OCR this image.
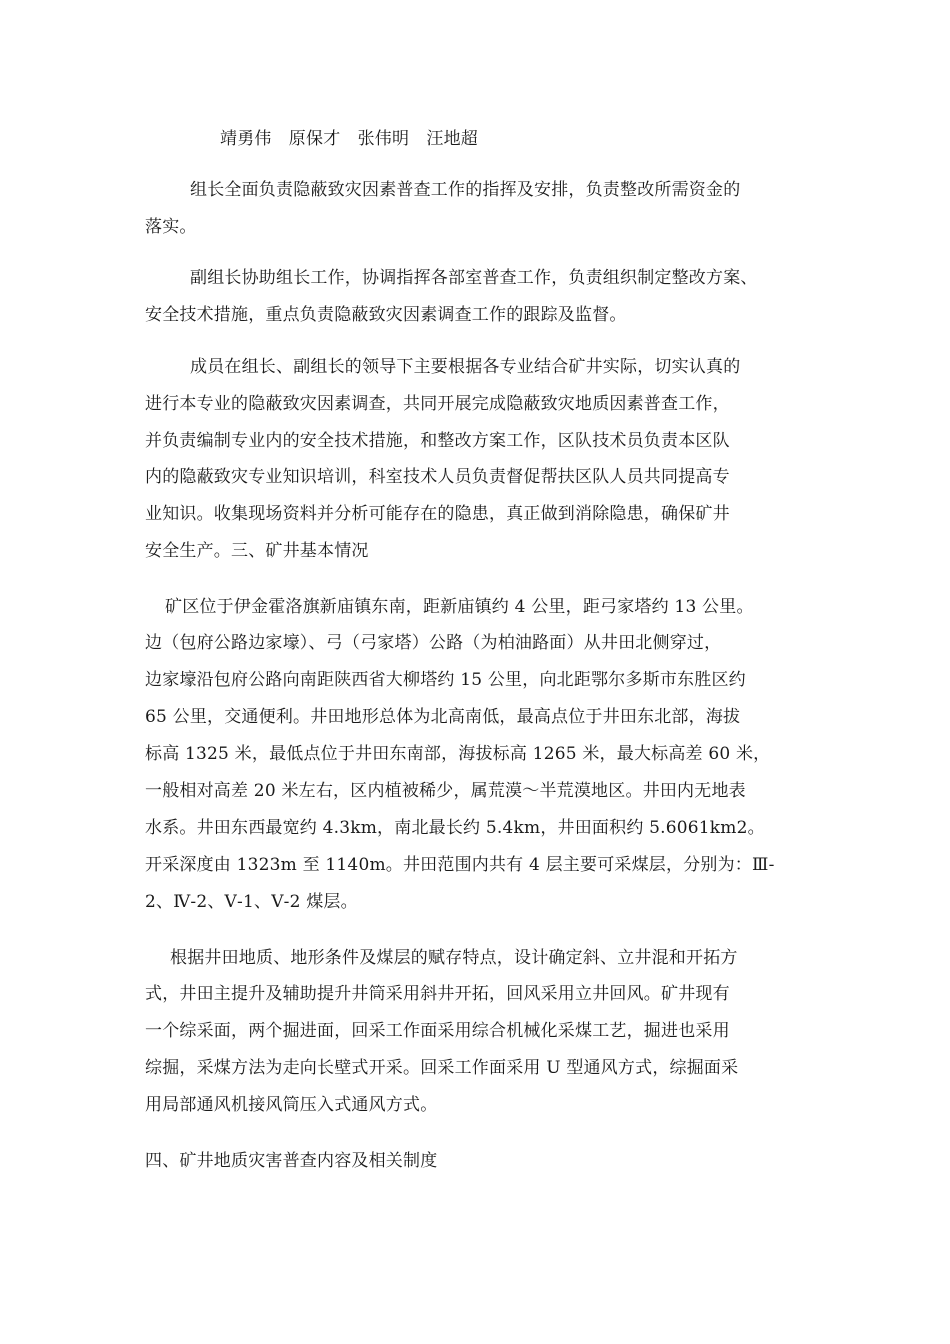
靖勇伟　原保才　张伟明　汪地超
组长全面负责隐蔽致灾因素普查工作的指挥及安排，负责整改所需资金的
落实。
副组长协助组长工作，协调指挥各部室普查工作，负责组织制定整改方案、
安全技术措施，重点负责隐蔽致灾因素调查工作的跟踪及监督。
成员在组长、副组长的领导下主要根据各专业结合矿井实际，切实认真的
进行本专业的隐蔽致灾因素调查，共同开展完成隐蔽致灾地质因素普查工作，
并负责编制专业内的安全技术措施，和整改方案工作，区队技术员负责本区队
内的隐蔽致灾专业知识培训，科室技术人员负责督促帮扶区队人员共同提高专
业知识。收集现场资料并分析可能存在的隐患，真正做到消除隐患，确保矿井
安全生产。三、矿井基本情况
矿区位于伊金霍洛旗新庙镇东南，距新庙镇约 4 公里，距弓家塔约 13 公里。
边（包府公路边家壕）、弓（弓家塔）公路（为柏油路面）从井田北侧穿过，
边家壕沿包府公路向南距陕西省大柳塔约 15 公里，向北距鄂尔多斯市东胜区约
65 公里，交通便利。井田地形总体为北高南低，最高点位于井田东北部，海拔
标高 1325 米，最低点位于井田东南部，海拔标高 1265 米，最大标高差 60 米，
一般相对高差 20 米左右，区内植被稀少，属荒漠～半荒漠地区。井田内无地表
水系。井田东西最宽约 4.3km，南北最长约 5.4km，井田面积约 5.6061km2。
开采深度由 1323m 至 1140m。井田范围内共有 4 层主要可采煤层，分别为：Ⅲ-
2、Ⅳ-2、Ⅴ-1、Ⅴ-2 煤层。
根据井田地质、地形条件及煤层的赋存特点，设计确定斜、立井混和开拓方
式，井田主提升及辅助提升井筒采用斜井开拓，回风采用立井回风。矿井现有
一个综采面，两个掘进面，回采工作面采用综合机械化采煤工艺，掘进也采用
综掘，采煤方法为走向长壁式开采。回采工作面采用 U 型通风方式，综掘面采
用局部通风机接风筒压入式通风方式。
四、矿井地质灾害普查内容及相关制度
